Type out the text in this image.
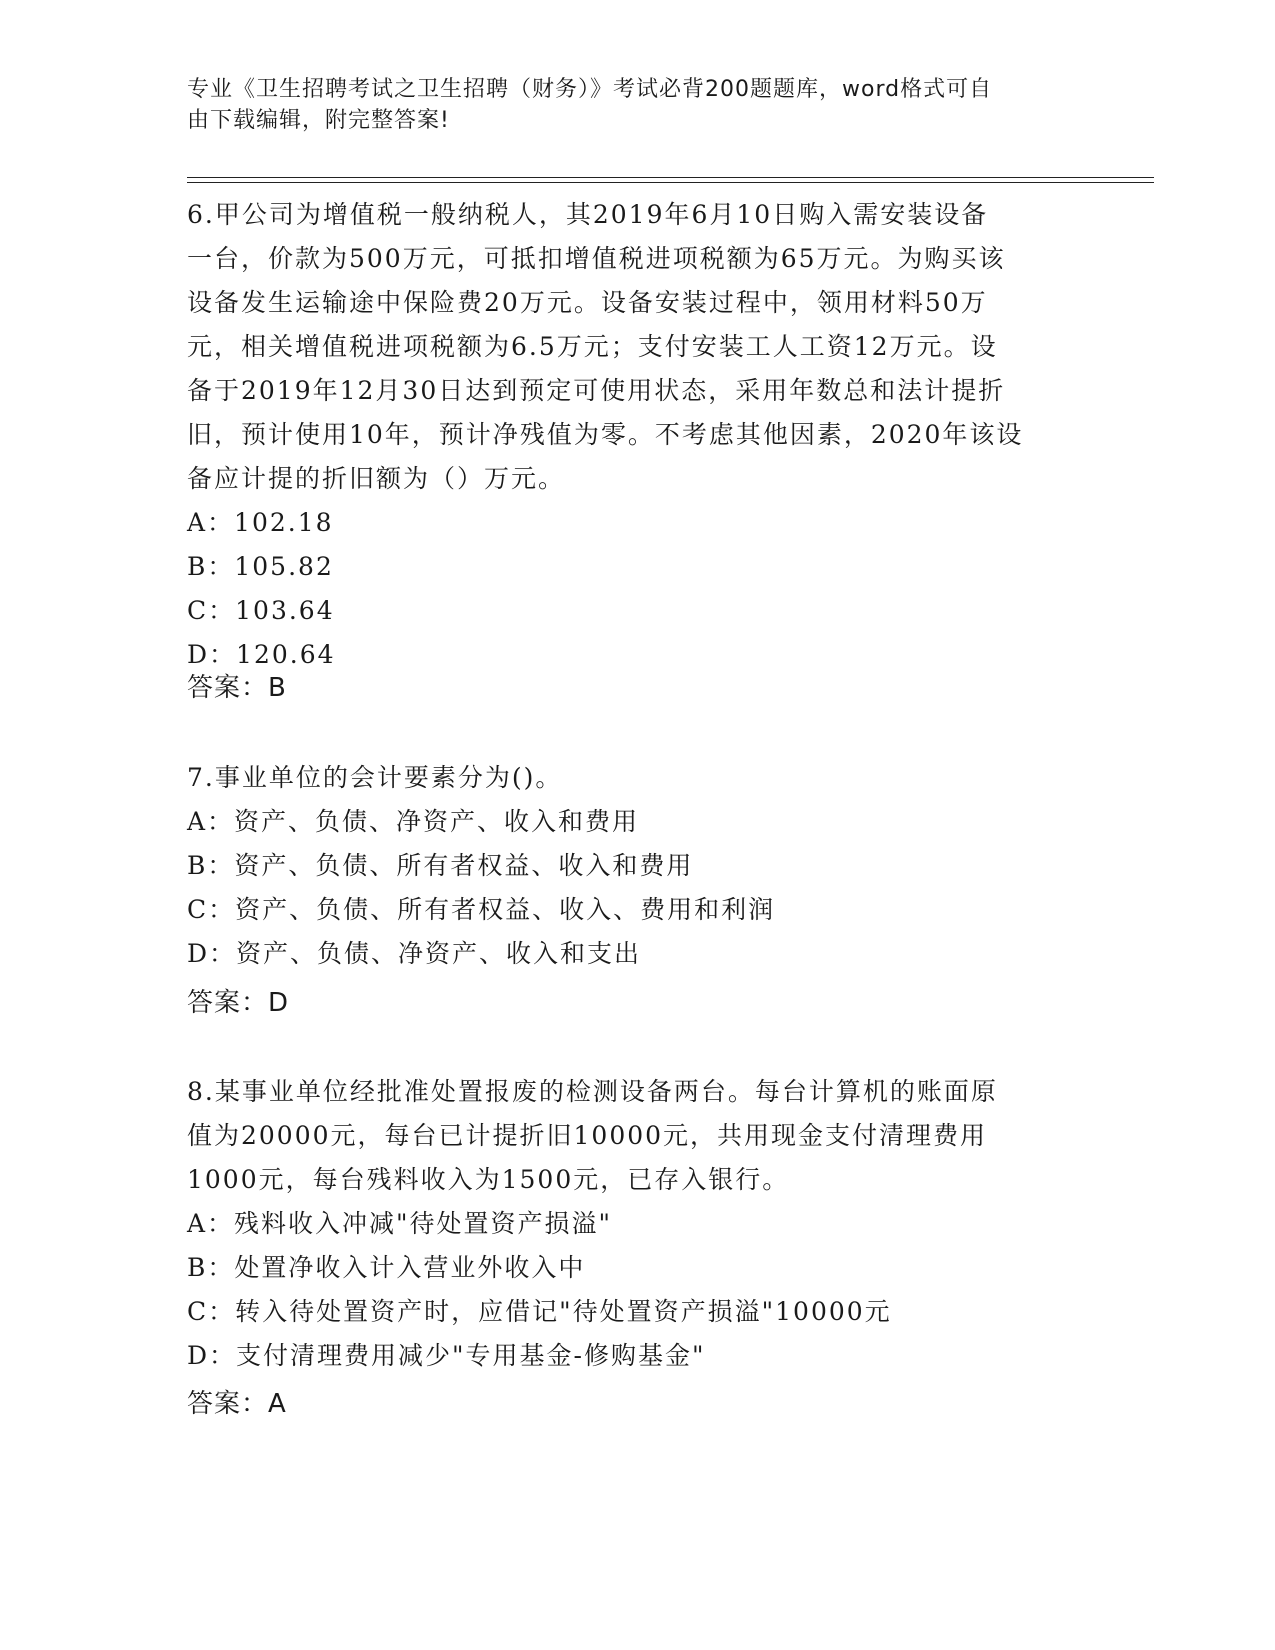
专业《卫生招聘考试之卫生招聘（财务）》考试必背200题题库，word格式可自
由下载编辑，附完整答案!
6.甲公司为增值税一般纳税人，其2019年6月10日购入需安装设备
一台，价款为500万元，可抵扣增值税进项税额为65万元。为购买该
设备发生运输途中保险费20万元。设备安装过程中，领用材料50万
元，相关增值税进项税额为6.5万元；支付安装工人工资12万元。设
备于2019年12月30日达到预定可使用状态，采用年数总和法计提折
旧，预计使用10年，预计净残值为零。不考虑其他因素，2020年该设
备应计提的折旧额为（）万元。
A：102.18
B：105.82
C：103.64
D：120.64
答案：B
7.事业单位的会计要素分为()。
A：资产、负债、净资产、收入和费用
B：资产、负债、所有者权益、收入和费用
C：资产、负债、所有者权益、收入、费用和利润
D：资产、负债、净资产、收入和支出
答案：D
8.某事业单位经批准处置报废的检测设备两台。每台计算机的账面原
值为20000元，每台已计提折旧10000元，共用现金支付清理费用
1000元，每台残料收入为1500元，已存入银行。
A：残料收入冲减"待处置资产损溢"
B：处置净收入计入营业外收入中
C：转入待处置资产时，应借记"待处置资产损溢"10000元
D：支付清理费用减少"专用基金-修购基金"
答案：A
